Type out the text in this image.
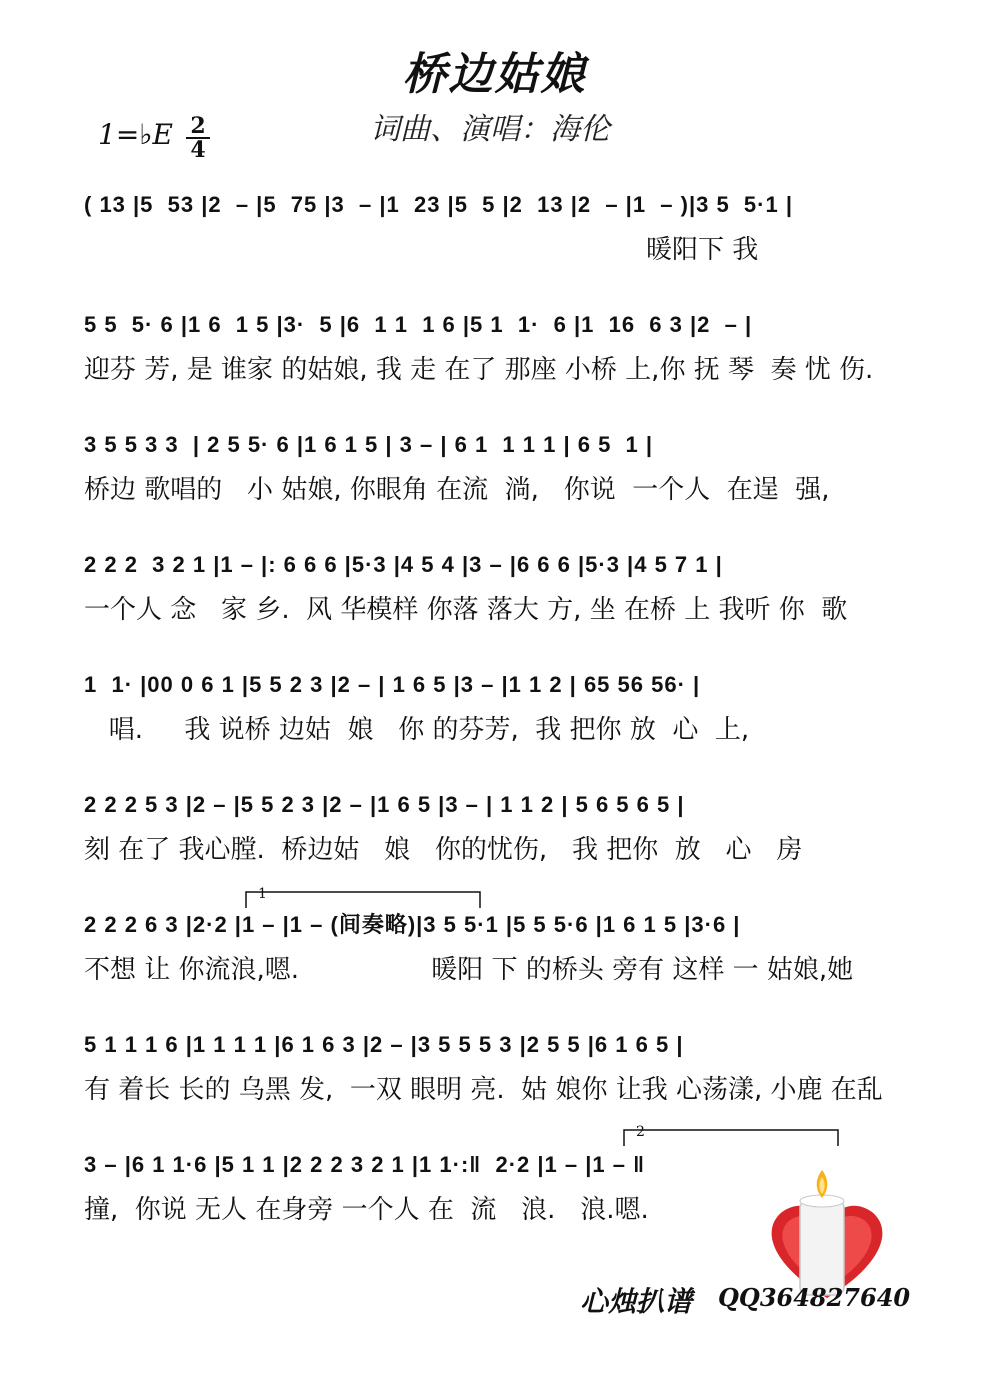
桥边姑娘
词曲、演唱：海伦
1=♭E 2
4
( 13 |5  53 |2  – |5  75 |3  – |1  23 |5  5 |2  13 |2  – |1  – )|3 5  5·1 |
暖阳下 我
5 5  5· 6 |1 6  1 5 |3·  5 |6  1 1  1 6 |5 1  1·  6 |1  16  6 3 |2  – |
迎芬 芳, 是 谁家 的姑娘, 我 走 在了 那座 小桥 上,你 抚 琴  奏 忧 伤.
3 5 5 3 3  | 2 5 5· 6 |1 6 1 5 | 3 – | 6 1  1 1 1 | 6 5  1 |
桥边 歌唱的   小 姑娘, 你眼角 在流  淌,   你说  一个人  在逞  强,
2 2 2  3 2 1 |1 – |: 6 6 6 |5·3 |4 5 4 |3 – |6 6 6 |5·3 |4 5 7 1 |
一个人 念   家 乡.  风 华模样 你落 落大 方, 坐 在桥 上 我听 你  歌
1  1· |00 0 6 1 |5 5 2 3 |2 – | 1 6 5 |3 – |1 1 2 | 65 56 56· |
唱.     我 说桥 边姑  娘   你 的芬芳,  我 把你 放  心  上,
2 2 2 5 3 |2 – |5 5 2 3 |2 – |1 6 5 |3 – | 1 1 2 | 5 6 5 6 5 |
刻 在了 我心膛.  桥边姑   娘   你的忧伤,   我 把你  放   心   房
1
2 2 2 6 3 |2·2 |1 – |1 – (间奏略)|3 5 5·1 |5 5 5·6 |1 6 1 5 |3·6 |
不想 让 你流浪,嗯.                暖阳 下 的桥头 旁有 这样 一 姑娘,她
5 1 1 1 6 |1 1 1 1 |6 1 6 3 |2 – |3 5 5 5 3 |2 5 5 |6 1 6 5 |
有 着长 长的 乌黑 发,  一双 眼明 亮.  姑 娘你 让我 心荡漾, 小鹿 在乱
2
3 – |6 1 1·6 |5 1 1 |2 2 2 3 2 1 |1 1·:‖  2·2 |1 – |1 – ‖
撞,  你说 无人 在身旁 一个人 在  流   浪.   浪.嗯.
心烛扒谱 QQ364827640
